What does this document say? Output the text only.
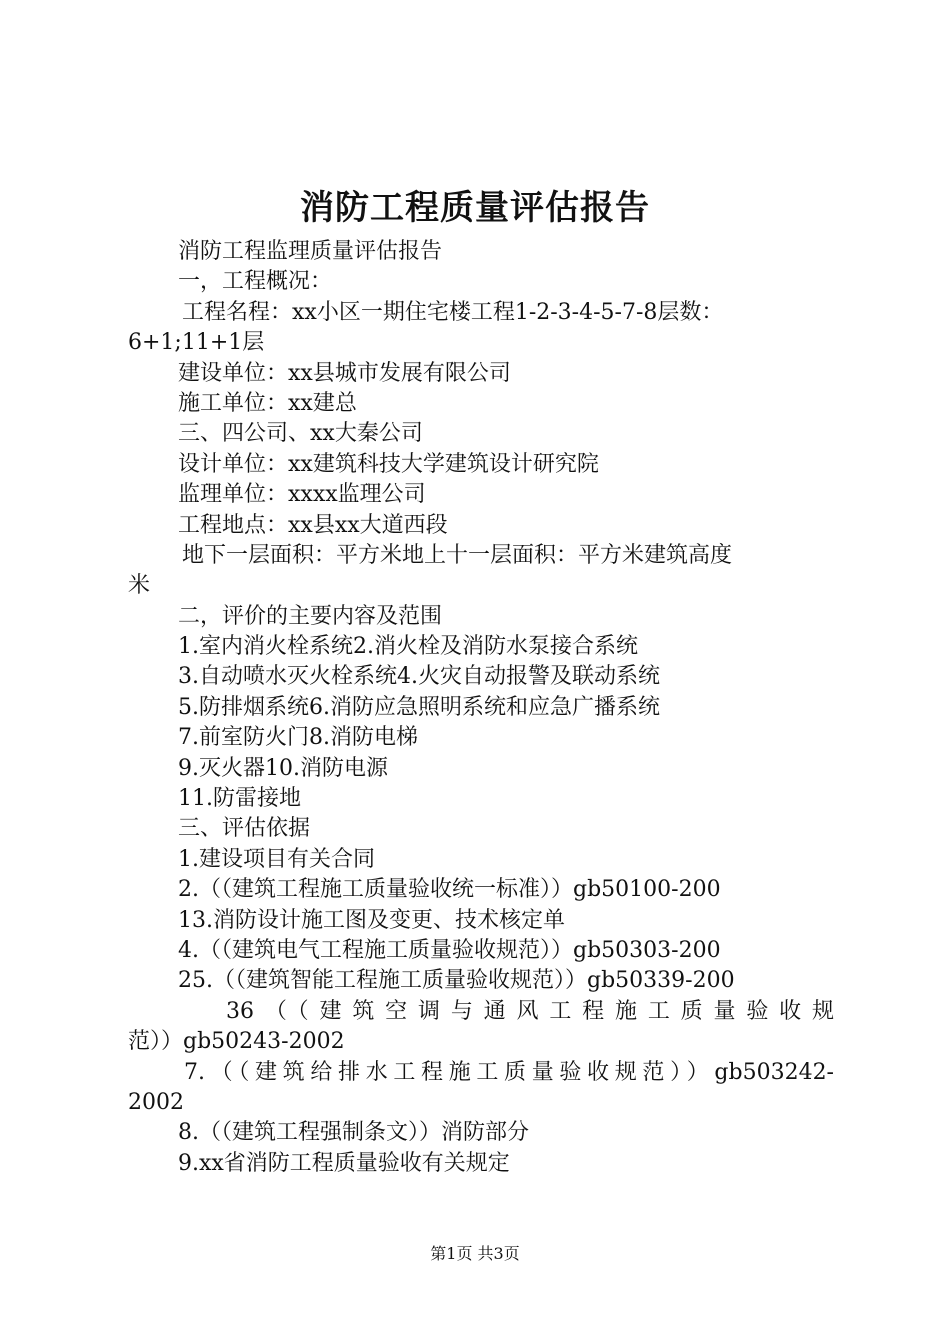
消防工程质量评估报告
消防工程监理质量评估报告
一，工程概况：
工程名程：xx小区一期住宅楼工程1-2-3-4-5-7-8层数：
6+1;11+1层
建设单位：xx县城市发展有限公司
施工单位：xx建总
三、四公司、xx大秦公司
设计单位：xx建筑科技大学建筑设计研究院
监理单位：xxxx监理公司
工程地点：xx县xx大道西段
地下一层面积：平方米地上十一层面积：平方米建筑高度
米
二，评价的主要内容及范围
1.室内消火栓系统2.消火栓及消防水泵接合系统
3.自动喷水灭火栓系统4.火灾自动报警及联动系统
5.防排烟系统6.消防应急照明系统和应急广播系统
7.前室防火门8.消防电梯
9.灭火器10.消防电源
11.防雷接地
三、评估依据
1.建设项目有关合同
2.（（建筑工程施工质量验收统一标准））gb50100-200
13.消防设计施工图及变更、技术核定单
4.（（建筑电气工程施工质量验收规范））gb50303-200
25.（（建筑智能工程施工质量验收规范））gb50339-200
36（（建筑空调与通风工程施工质量验收规
范））gb50243-2002
7.（（建筑给排水工程施工质量验收规范））gb503242-
2002
8.（（建筑工程强制条文））消防部分
9.xx省消防工程质量验收有关规定
第1页 共3页
